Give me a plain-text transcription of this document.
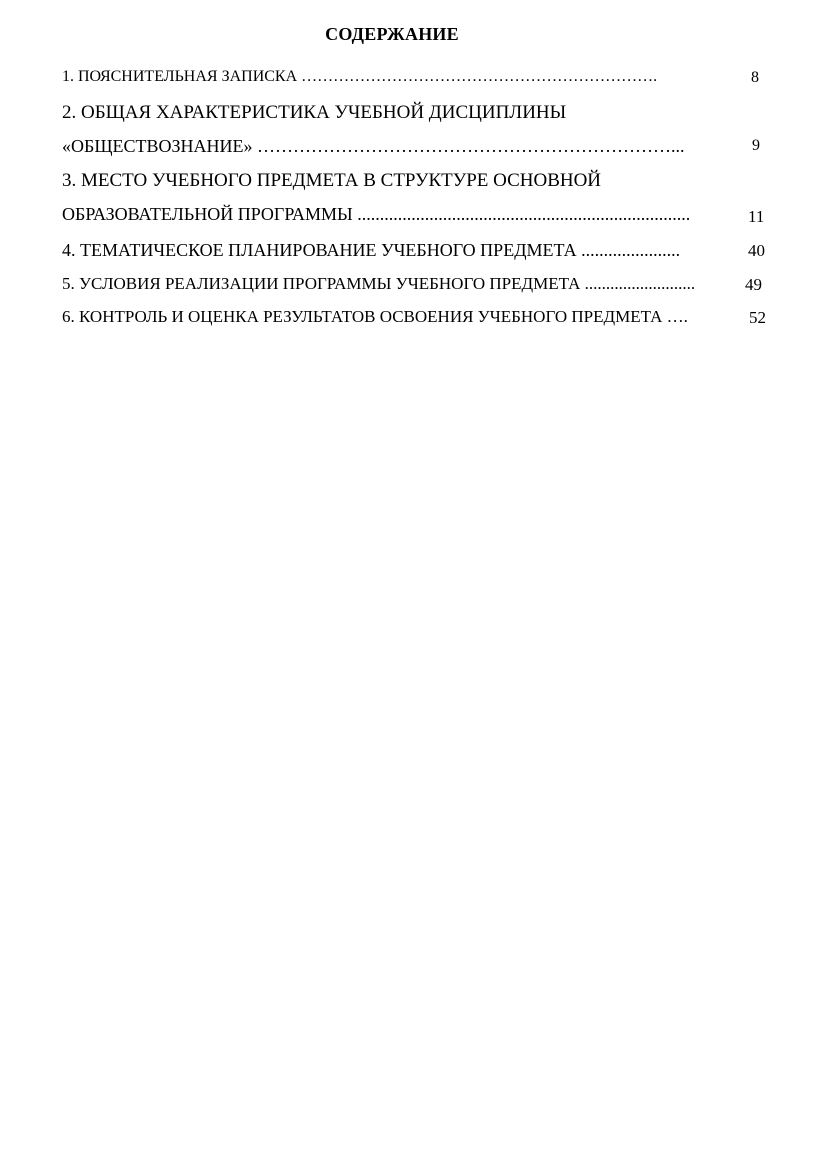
СОДЕРЖАНИЕ
1. ПОЯСНИТЕЛЬНАЯ ЗАПИСКА ………………………………………………………….	8
2. ОБЩАЯ ХАРАКТЕРИСТИКА УЧЕБНОЙ ДИСЦИПЛИНЫ
«ОБЩЕСТВОЗНАНИЕ» ……………………………………………………………...	9
3. МЕСТО УЧЕБНОГО ПРЕДМЕТА В СТРУКТУРЕ ОСНОВНОЙ
ОБРАЗОВАТЕЛЬНОЙ ПРОГРАММЫ ..........................................................................	11
4. ТЕМАТИЧЕСКОЕ ПЛАНИРОВАНИЕ УЧЕБНОГО ПРЕДМЕТА ......................	40
5. УСЛОВИЯ РЕАЛИЗАЦИИ ПРОГРАММЫ УЧЕБНОГО ПРЕДМЕТА ..........................	49
6. КОНТРОЛЬ И ОЦЕНКА РЕЗУЛЬТАТОВ ОСВОЕНИЯ УЧЕБНОГО ПРЕДМЕТА ….	52
